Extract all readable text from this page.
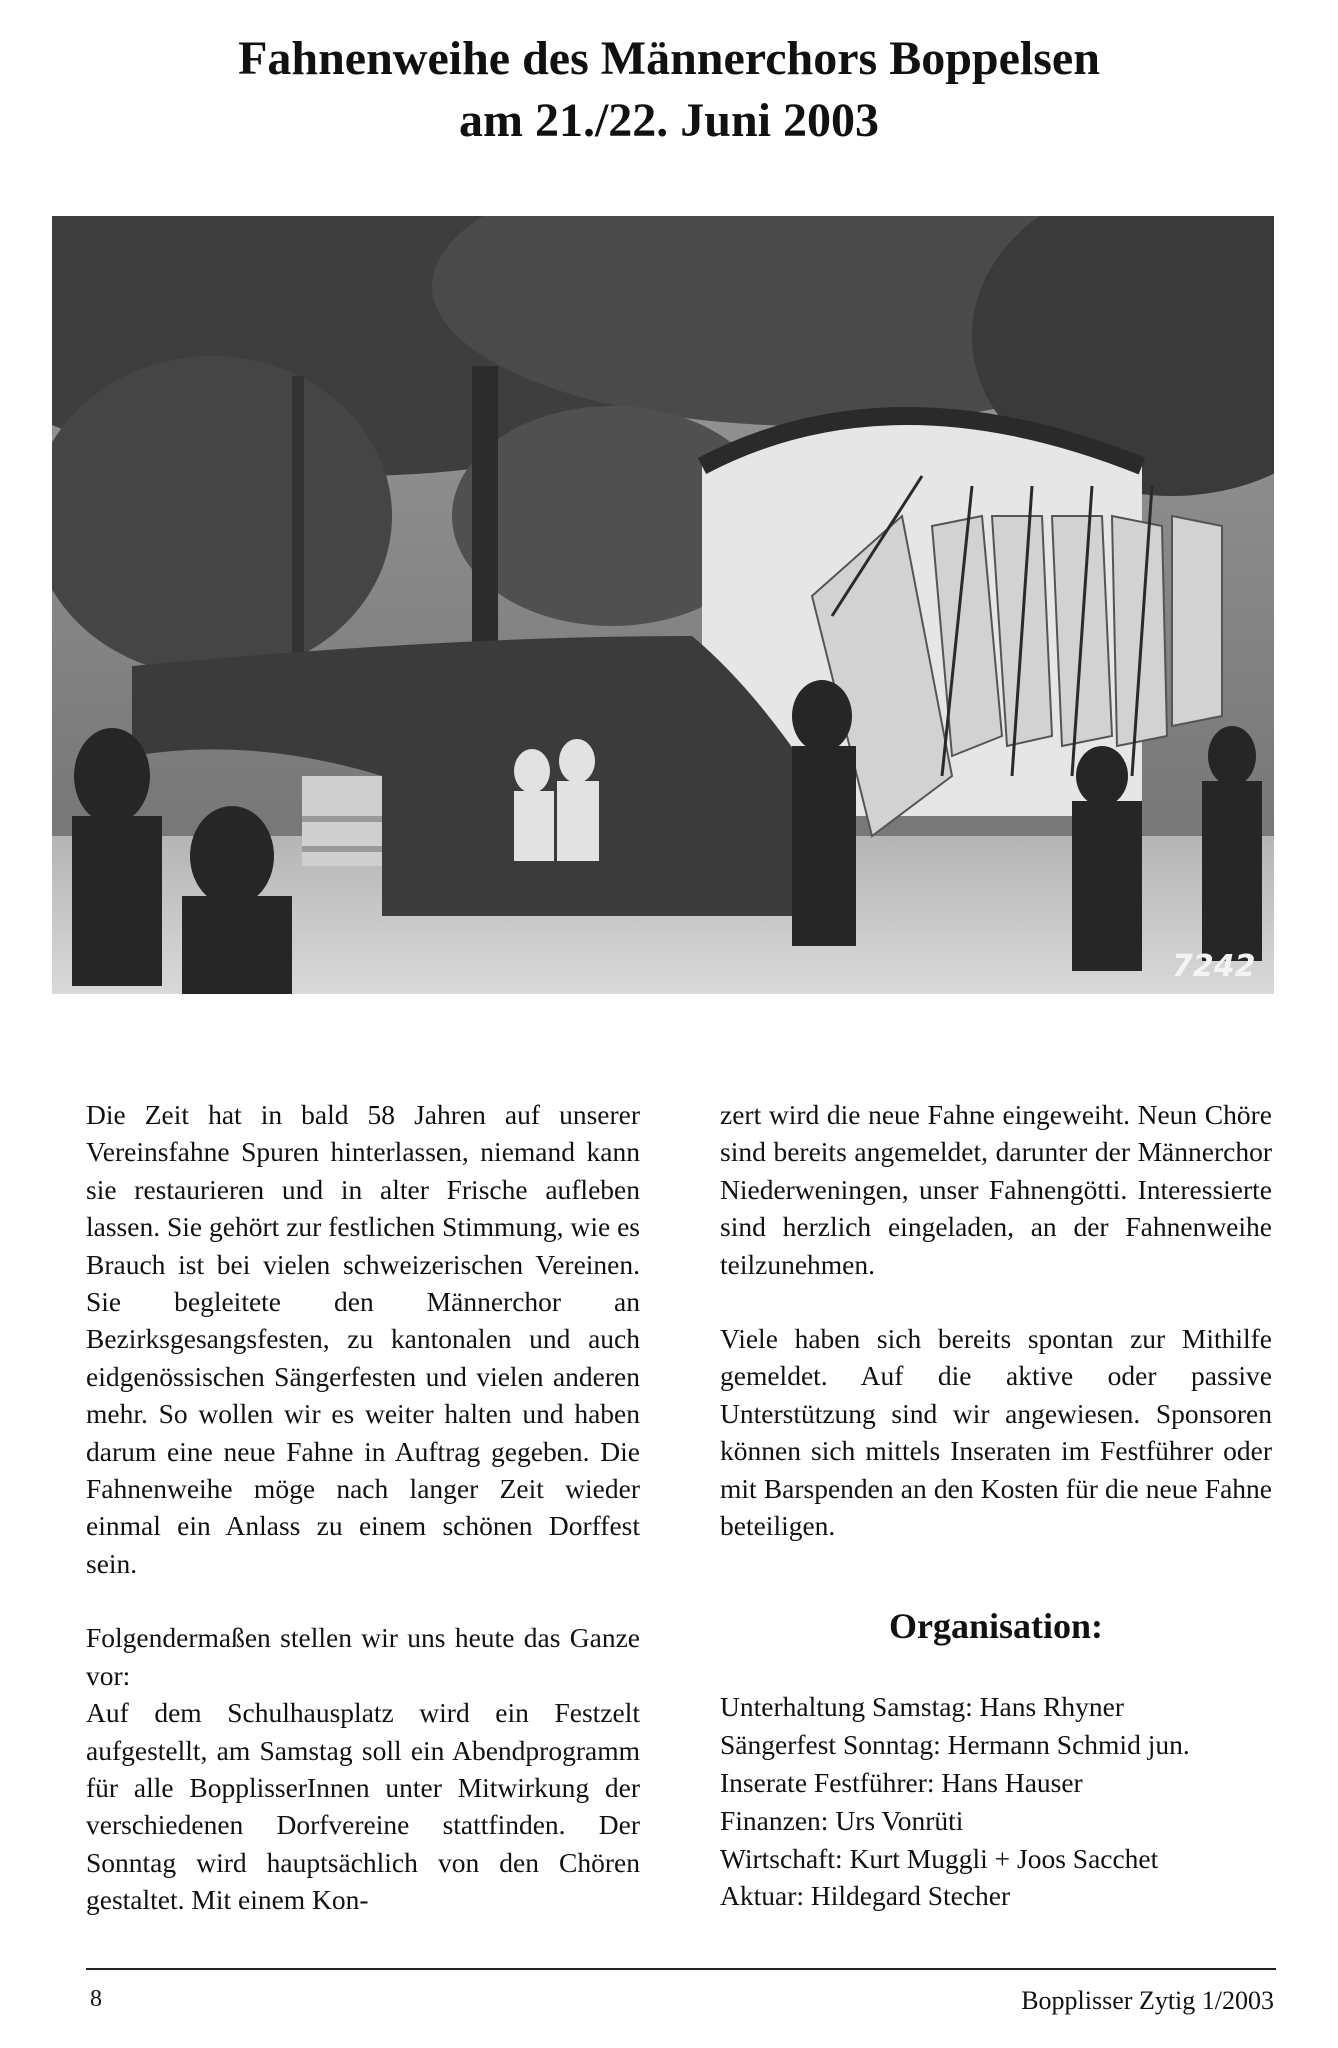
Fahnenweihe des Männerchors Boppelsen
am 21./22. Juni 2003
7242

Die Zeit hat in bald 58 Jahren auf unserer Vereinsfahne Spuren hinterlassen, niemand kann sie restaurieren und in alter Frische aufleben lassen. Sie gehört zur festlichen Stimmung, wie es Brauch ist bei vielen schweizerischen Vereinen. Sie begleitete den Männerchor an Bezirksgesangsfesten, zu kantonalen und auch eidgenössischen Sängerfesten und vielen anderen mehr. So wollen wir es weiter halten und haben darum eine neue Fahne in Auftrag gegeben. Die Fahnenweihe möge nach langer Zeit wieder einmal ein Anlass zu einem schönen Dorffest sein.

Folgendermaßen stellen wir uns heute das Ganze vor:

Auf dem Schulhausplatz wird ein Festzelt aufgestellt, am Samstag soll ein Abendprogramm für alle BopplisserInnen unter Mitwirkung der verschiedenen Dorfvereine stattfinden. Der Sonntag wird hauptsächlich von den Chören gestaltet. Mit einem Kon-

zert wird die neue Fahne eingeweiht. Neun Chöre sind bereits angemeldet, darunter der Männerchor Niederweningen, unser Fahnengötti. Interessierte sind herzlich eingeladen, an der Fahnenweihe teilzunehmen.

Viele haben sich bereits spontan zur Mithilfe gemeldet. Auf die aktive oder passive Unterstützung sind wir angewiesen. Sponsoren können sich mittels Inseraten im Festführer oder mit Barspenden an den Kosten für die neue Fahne beteiligen.

Organisation:

Unterhaltung Samstag: Hans Rhyner
Sängerfest Sonntag: Hermann Schmid jun.
Inserate Festführer: Hans Hauser
Finanzen: Urs Vonrüti
Wirtschaft: Kurt Muggli + Joos Sacchet
Aktuar: Hildegard Stecher
8	Bopplisser Zytig 1/2003
